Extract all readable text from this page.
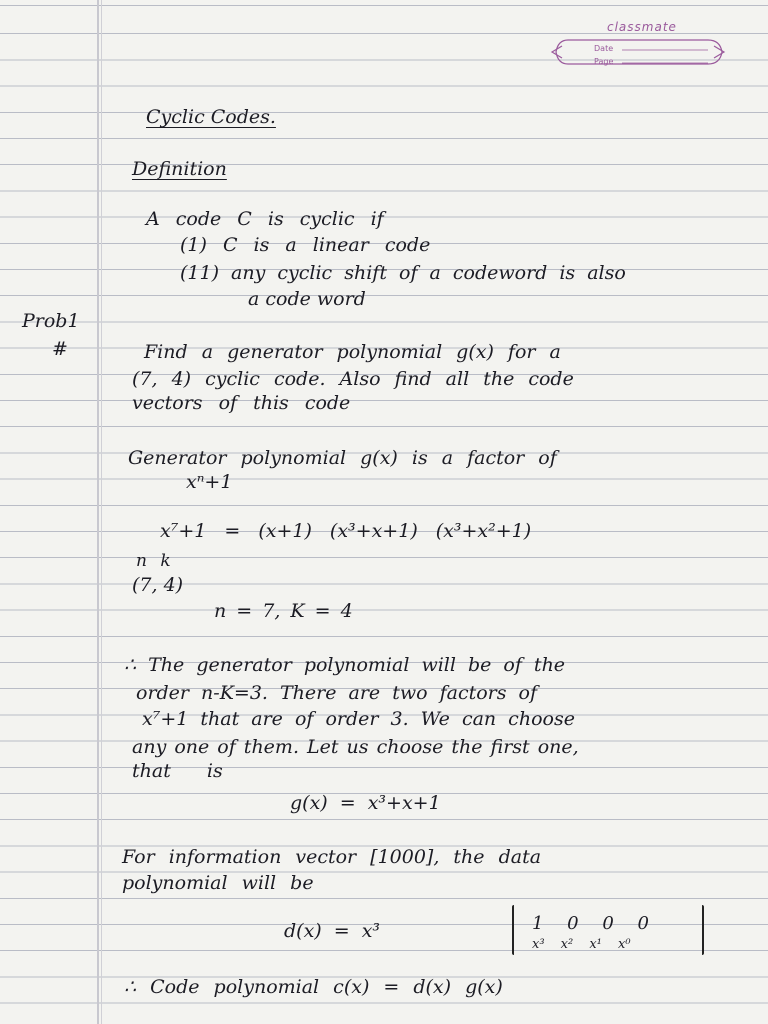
classmate
Date
Page
Cyclic Codes.
Definition
A code C is cyclic if
(1) C is a linear code
(11) any cyclic shift of a codeword is also
a code word
Prob1
#	Find a generator polynomial g(x) for a
(7, 4) cyclic code. Also find all the code
vectors of this code
Generator polynomial g(x) is a factor of
xⁿ+1
x⁷+1 = (x+1) (x³+x+1) (x³+x²+1)
n k
(7, 4)
n = 7, K = 4
∴ The generator polynomial will be of the
order n-K=3. There are two factors of
x⁷+1 that are of order 3. We can choose
any one of them. Let us choose the first one,
that is
g(x) = x³+x+1
For information vector [1000], the data
polynomial will be
d(x) = x³	1 0 0 0
x³ x² x¹ x⁰
∴ Code polynomial c(x) = d(x) g(x)
